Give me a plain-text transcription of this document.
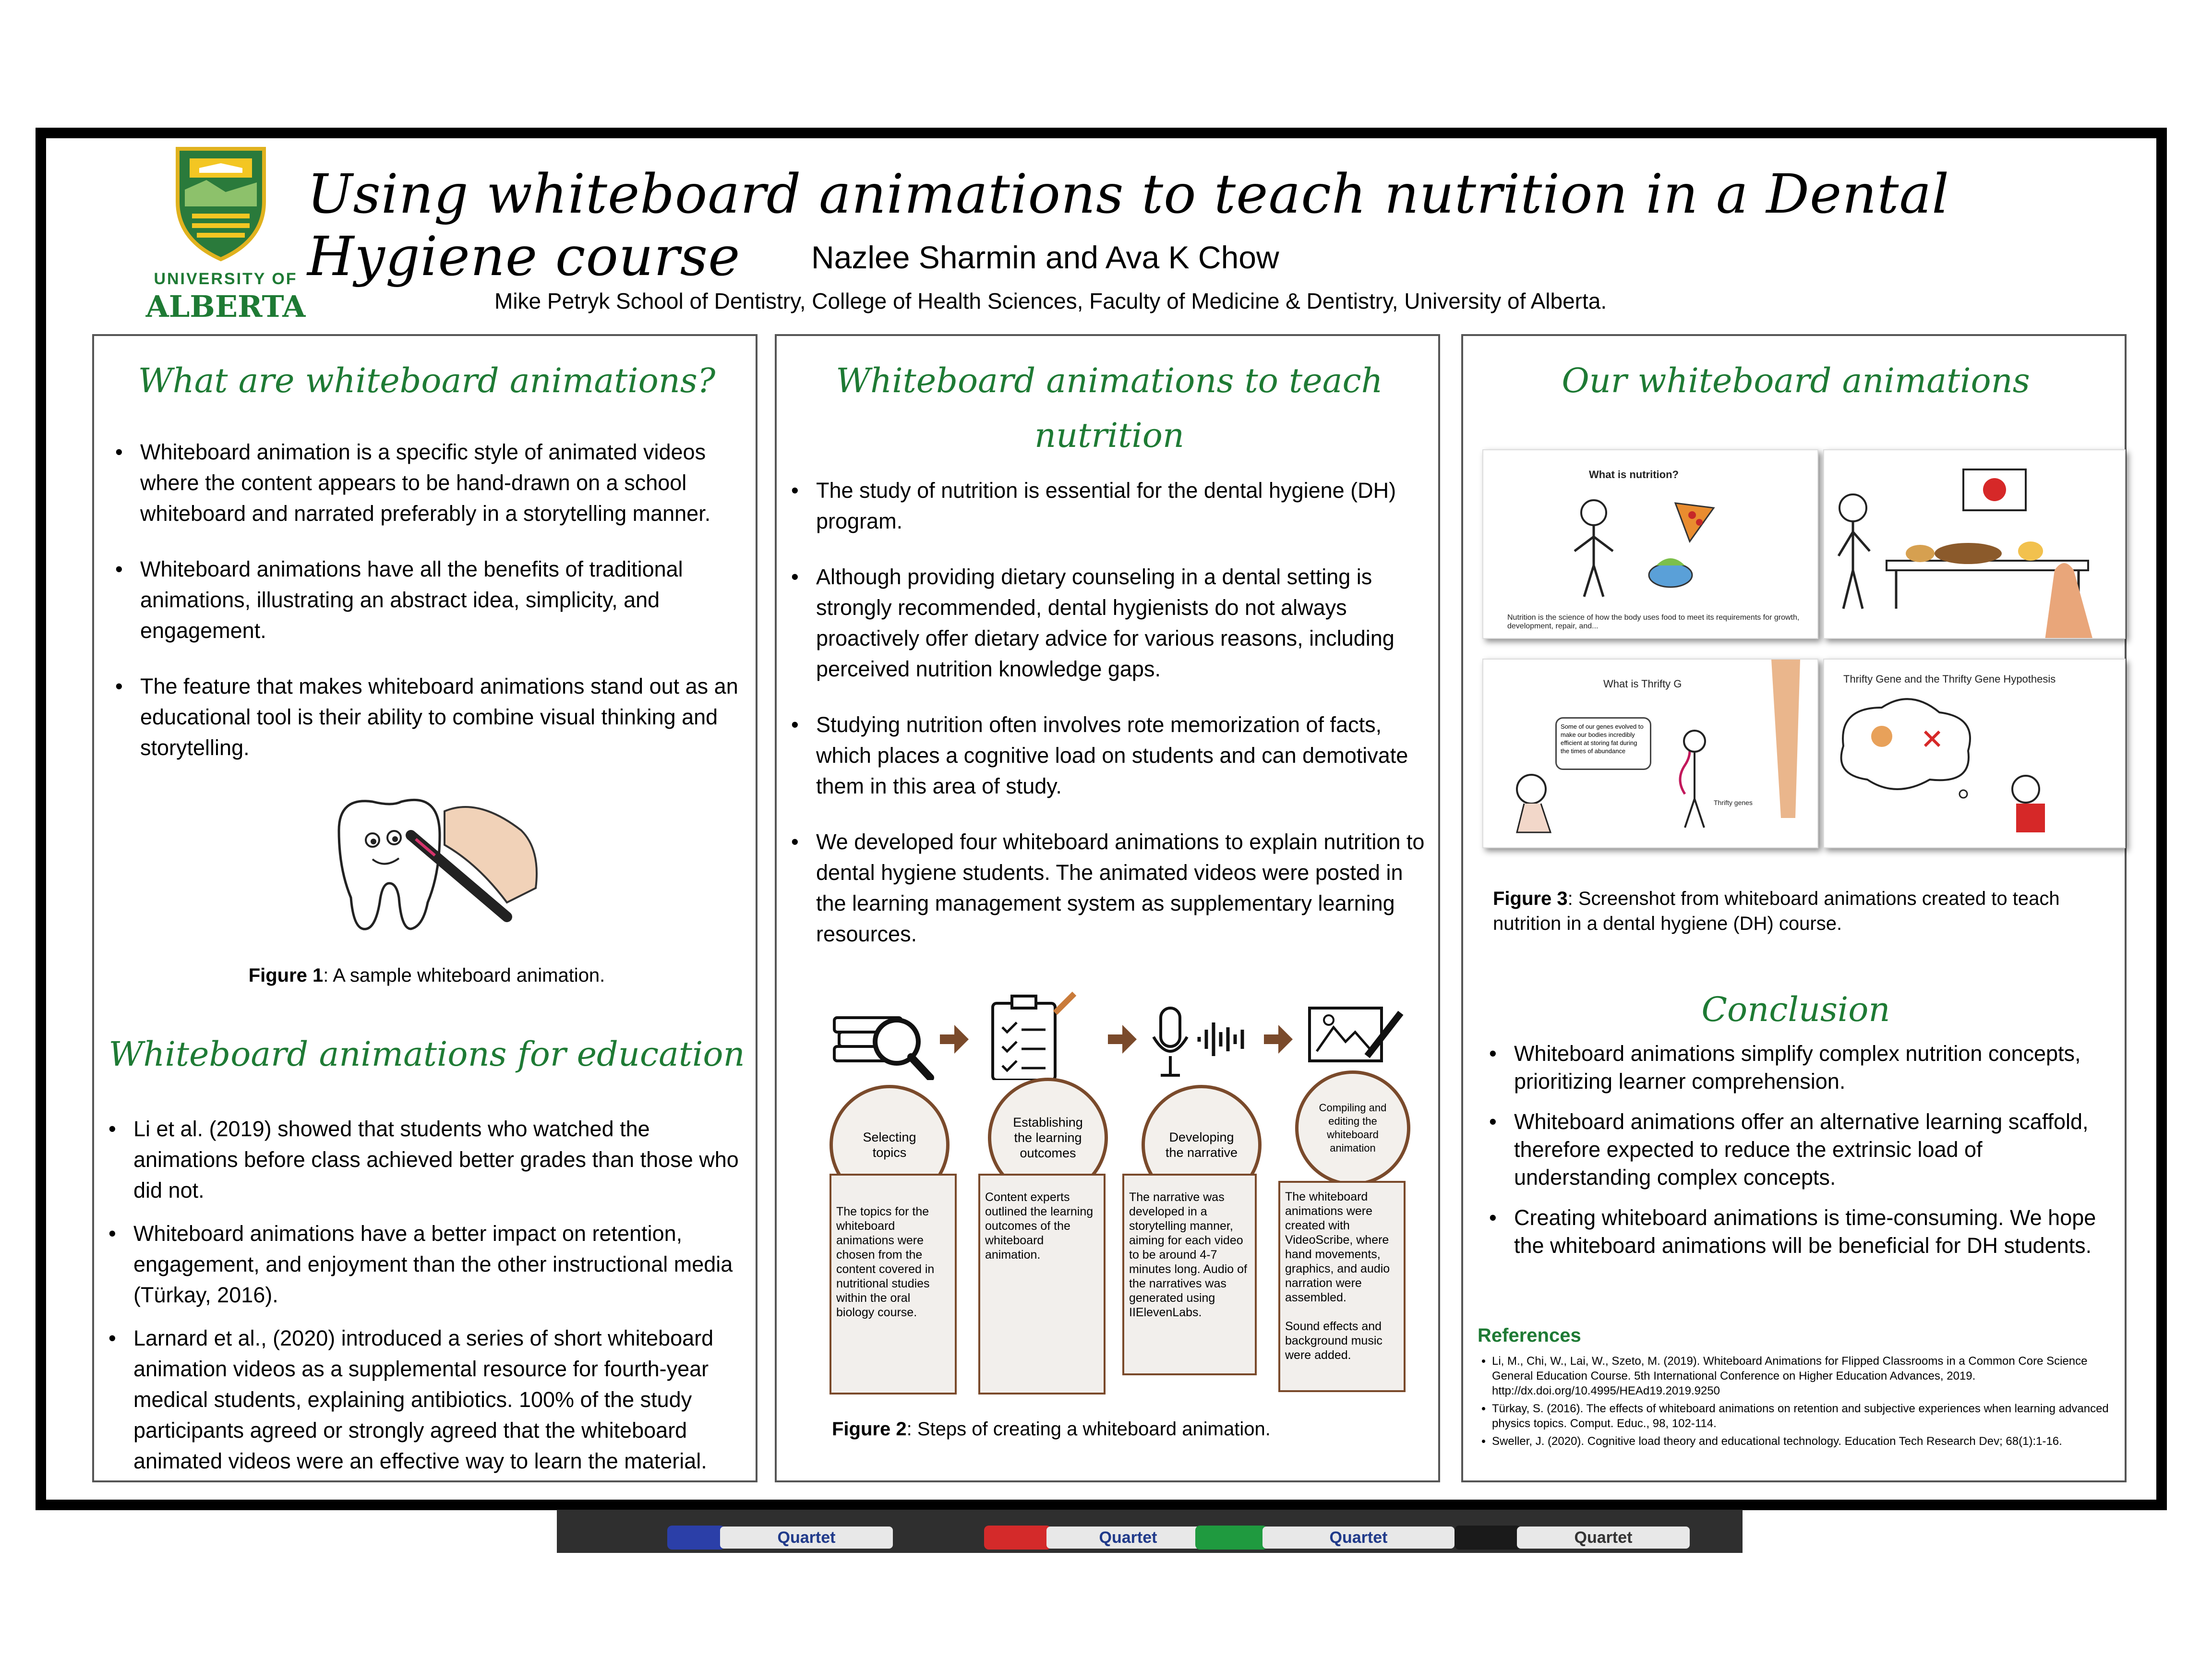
UNIVERSITY OF
ALBERTA
Using whiteboard animations to teach nutrition in a Dental Hygiene course	Nazlee Sharmin and Ava K Chow
Mike Petryk School of Dentistry, College of Health Sciences, Faculty of Medicine & Dentistry, University of Alberta.
What are whiteboard animations?
• Whiteboard animation is a specific style of animated videos where the content appears to be hand-drawn on a school whiteboard and narrated preferably in a storytelling manner.
• Whiteboard animations have all the benefits of traditional animations, illustrating an abstract idea, simplicity, and engagement.
• The feature that makes whiteboard animations stand out as an educational tool is their ability to combine visual thinking and storytelling.
Figure 1: A sample whiteboard animation.
Whiteboard animations for education
• Li et al. (2019) showed that students who watched the animations before class achieved better grades than those who did not.
• Whiteboard animations have a better impact on retention, engagement, and enjoyment than the other instructional media (Türkay, 2016).
• Larnard et al., (2020) introduced a series of short whiteboard animation videos as a supplemental resource for fourth-year medical students, explaining antibiotics. 100% of the study participants agreed or strongly agreed that the whiteboard animated videos were an effective way to learn the material.
Whiteboard animations to teach
nutrition
• The study of nutrition is essential for the dental hygiene (DH) program.
• Although providing dietary counseling in a dental setting is strongly recommended, dental hygienists do not always proactively offer dietary advice for various reasons, including perceived nutrition knowledge gaps.
• Studying nutrition often involves rote memorization of facts, which places a cognitive load on students and can demotivate them in this area of study.
• We developed four whiteboard animations to explain nutrition to dental hygiene students. The animated videos were posted in the learning management system as supplementary learning resources.
Selecting topics
Establishing the learning outcomes
Developing the narrative
Compiling and editing the whiteboard animation
The topics for the whiteboard animations were chosen from the content covered in nutritional studies within the oral biology course.
Content experts outlined the learning outcomes of the whiteboard animation.
The narrative was developed in a storytelling manner, aiming for each video to be around 4-7 minutes long. Audio of the narratives was generated using IIElevenLabs.
The whiteboard animations were created with VideoScribe, where hand movements, graphics, and audio narration were assembled.

Sound effects and background music were added.
Figure 2: Steps of creating a whiteboard animation.
Our whiteboard animations
What is nutrition?
Nutrition is the science of how the body uses food to meet its requirements for growth, development, repair, and...
What is Thrifty G
Some of our genes evolved to make our bodies incredibly efficient at storing fat during the times of abundance
Thrifty genes
Thrifty Gene and the Thrifty Gene Hypothesis
Figure 3: Screenshot from whiteboard animations created to teach nutrition in a dental hygiene (DH) course.
Conclusion
• Whiteboard animations simplify complex nutrition concepts, prioritizing learner comprehension.
• Whiteboard animations offer an alternative learning scaffold, therefore expected to reduce the extrinsic load of understanding complex concepts.
• Creating whiteboard animations is time-consuming. We hope the whiteboard animations will be beneficial for DH students.
References
• Li, M., Chi, W., Lai, W., Szeto, M. (2019). Whiteboard Animations for Flipped Classrooms in a Common Core Science General Education Course. 5th International Conference on Higher Education Advances, 2019. http://dx.doi.org/10.4995/HEAd19.2019.9250
• Türkay, S. (2016). The effects of whiteboard animations on retention and subjective experiences when learning advanced physics topics. Comput. Educ., 98, 102-114.
• Sweller, J. (2020). Cognitive load theory and educational technology. Education Tech Research Dev; 68(1):1-16.
Quartet	Quartet	Quartet	Quartet
